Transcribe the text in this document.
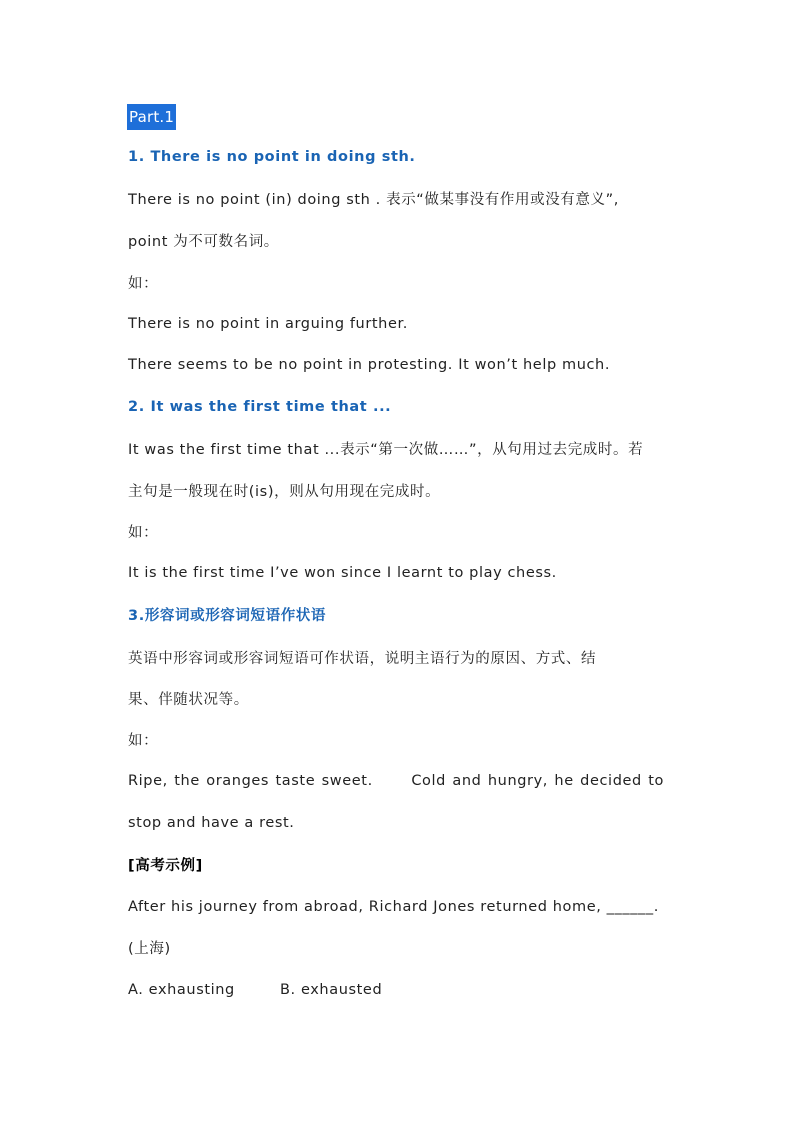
Part.1
1. There is no point in doing sth.
There is no point (in) doing sth . 表示“做某事没有作用或没有意义”,
point 为不可数名词。
如：
There is no point in arguing further.
There seems to be no point in protesting. It won’t help much.
2. It was the first time that ...
It was the first time that ...表示“第一次做……”，从句用过去完成时。若
主句是一般现在时(is)，则从句用现在完成时。
如：
It is the first time I’ve won since I learnt to play chess.
3.形容词或形容词短语作状语
英语中形容词或形容词短语可作状语，说明主语行为的原因、方式、结
果、伴随状况等。
如：
Ripe, the oranges taste sweet.      Cold and hungry, he decided to
stop and have a rest.
[高考示例]
After his journey from abroad, Richard Jones returned home, ______.
(上海)
A. exhausting	B. exhausted
